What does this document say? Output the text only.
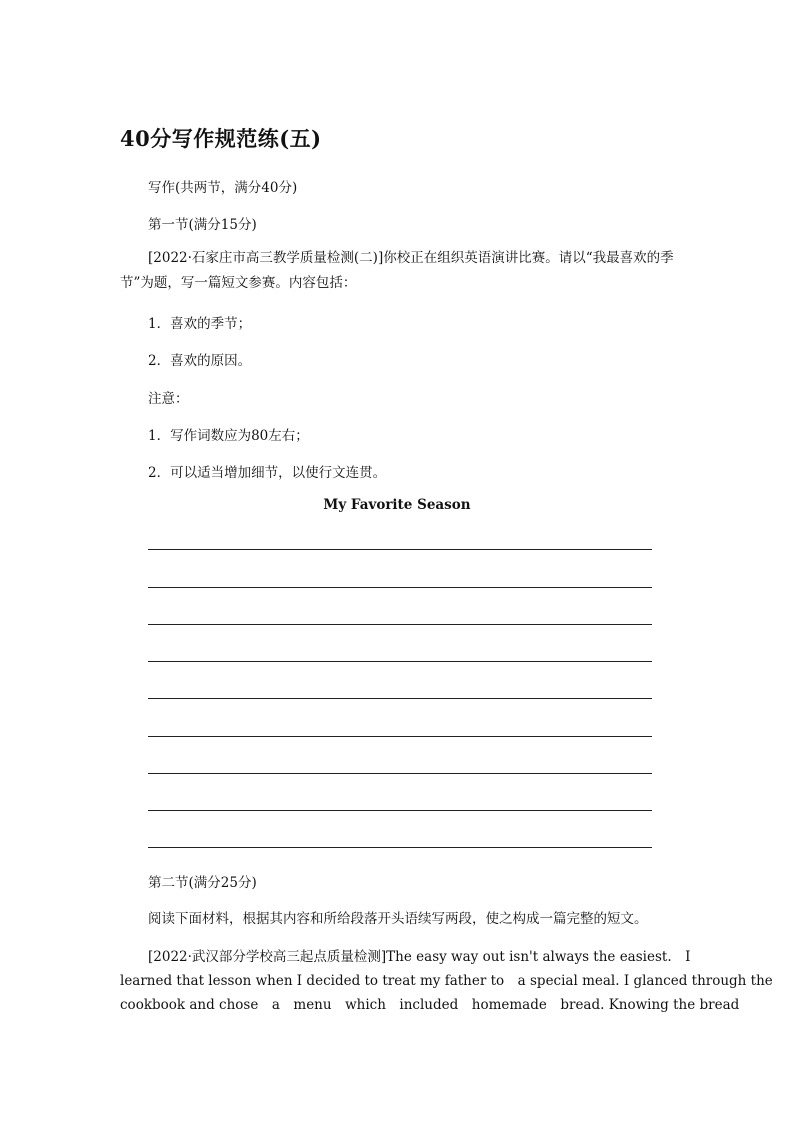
40分写作规范练(五)
写作(共两节，满分40分)
第一节(满分15分)
[2022·石家庄市高三教学质量检测(二)]你校正在组织英语演讲比赛。请以“我最喜欢的季节”为题，写一篇短文参赛。内容包括：
1．喜欢的季节；
2．喜欢的原因。
注意：
1．写作词数应为80左右；
2．可以适当增加细节，以使行文连贯。
My Favorite Season
第二节(满分25分)
阅读下面材料，根据其内容和所给段落开头语续写两段，使之构成一篇完整的短文。
[2022·武汉部分学校高三起点质量检测]The easy way out isn't always the easiest.　I
learned that lesson when I decided to treat my father to　a special meal. I glanced through the
cookbook and chose　a　menu　which　included　homemade　bread. Knowing the bread
